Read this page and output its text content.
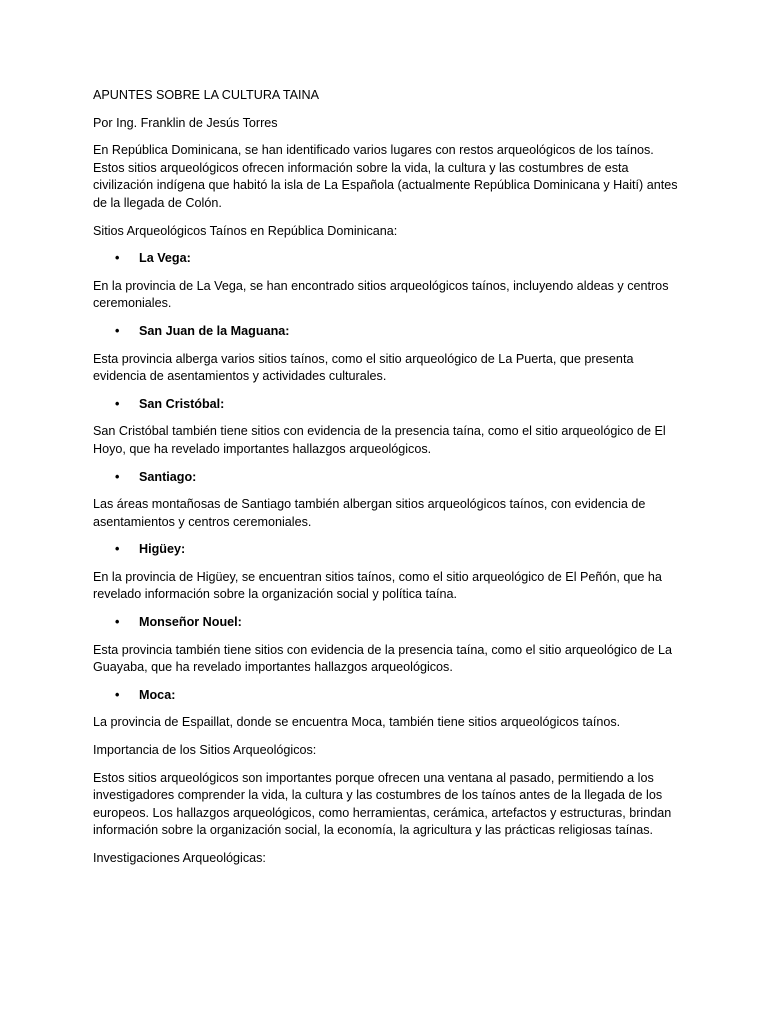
APUNTES SOBRE LA CULTURA TAINA

Por Ing. Franklin de Jesús Torres

En República Dominicana, se han identificado varios lugares con restos arqueológicos de los taínos. Estos sitios arqueológicos ofrecen información sobre la vida, la cultura y las costumbres de esta civilización indígena que habitó la isla de La Española (actualmente República Dominicana y Haití) antes de la llegada de Colón.

Sitios Arqueológicos Taínos en República Dominicana:

• La Vega:

En la provincia de La Vega, se han encontrado sitios arqueológicos taínos, incluyendo aldeas y centros ceremoniales.

• San Juan de la Maguana:

Esta provincia alberga varios sitios taínos, como el sitio arqueológico de La Puerta, que presenta evidencia de asentamientos y actividades culturales.

• San Cristóbal:

San Cristóbal también tiene sitios con evidencia de la presencia taína, como el sitio arqueológico de El Hoyo, que ha revelado importantes hallazgos arqueológicos.

• Santiago:

Las áreas montañosas de Santiago también albergan sitios arqueológicos taínos, con evidencia de asentamientos y centros ceremoniales.

• Higüey:

En la provincia de Higüey, se encuentran sitios taínos, como el sitio arqueológico de El Peñón, que ha revelado información sobre la organización social y política taína.

• Monseñor Nouel:

Esta provincia también tiene sitios con evidencia de la presencia taína, como el sitio arqueológico de La Guayaba, que ha revelado importantes hallazgos arqueológicos.

• Moca:

La provincia de Espaillat, donde se encuentra Moca, también tiene sitios arqueológicos taínos.

Importancia de los Sitios Arqueológicos:

Estos sitios arqueológicos son importantes porque ofrecen una ventana al pasado, permitiendo a los investigadores comprender la vida, la cultura y las costumbres de los taínos antes de la llegada de los europeos. Los hallazgos arqueológicos, como herramientas, cerámica, artefactos y estructuras, brindan información sobre la organización social, la economía, la agricultura y las prácticas religiosas taínas.

Investigaciones Arqueológicas:
